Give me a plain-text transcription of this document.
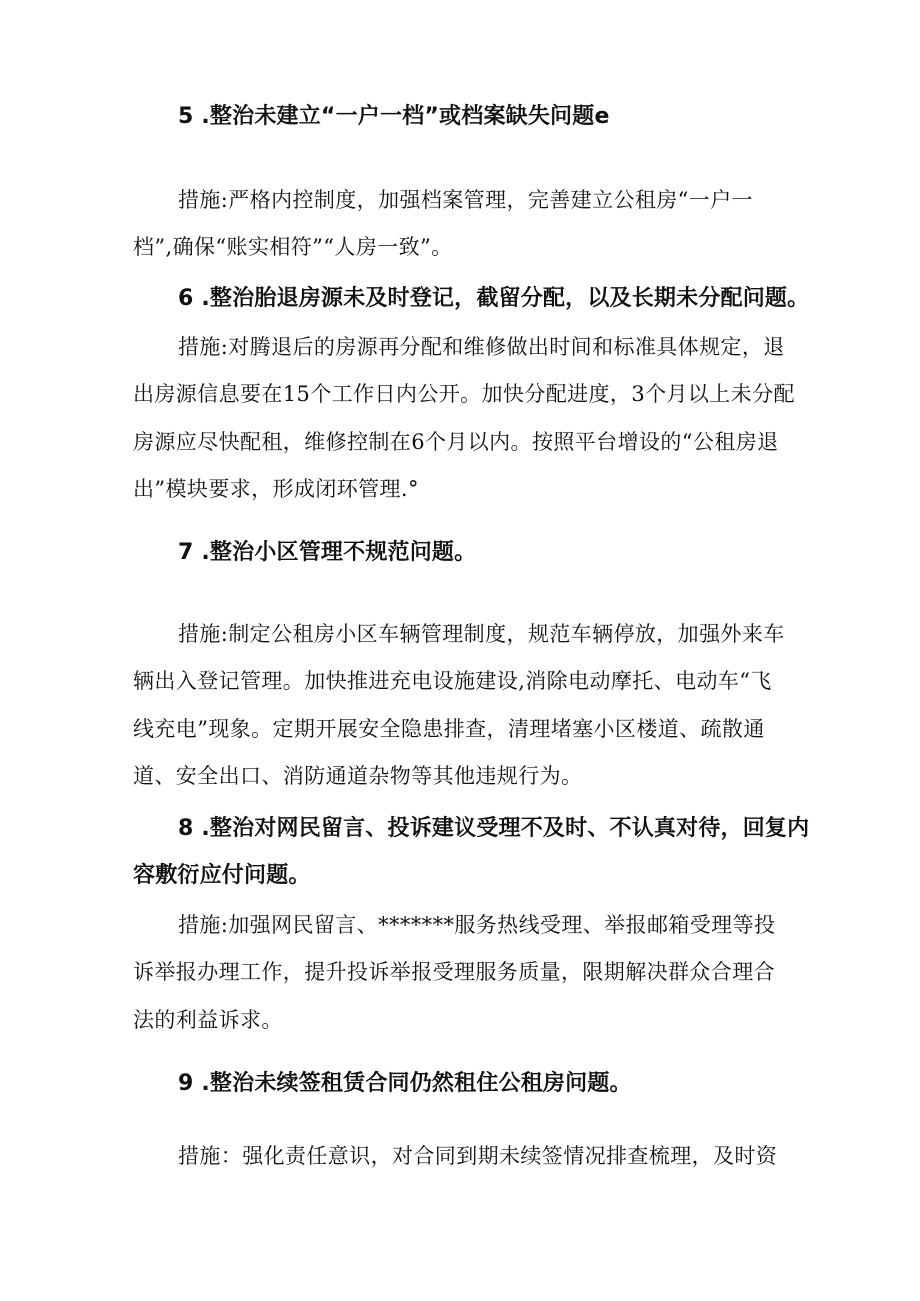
5 .整治未建立“一户一档”或档案缺失问题e
措施:严格内控制度，加强档案管理，完善建立公租房“一户一
档”,确保“账实相符”“人房一致”。
6 .整治胎退房源未及时登记，截留分配，以及长期未分配问题。
措施:对腾退后的房源再分配和维修做出时间和标准具体规定，退
出房源信息要在15个工作日内公开。加快分配进度，3个月以上未分配
房源应尽快配租，维修控制在6个月以内。按照平台增设的“公租房退
出”模块要求，形成闭环管理.°
7 .整治小区管理不规范问题。
措施:制定公租房小区车辆管理制度，规范车辆停放，加强外来车
辆出入登记管理。加快推进充电设施建设,消除电动摩托、电动车“飞
线充电”现象。定期开展安全隐患排查，清理堵塞小区楼道、疏散通
道、安全出口、消防通道杂物等其他违规行为。
8 .整治对网民留言、投诉建议受理不及时、不认真对待，回复内
容敷衍应付问题。
措施:加强网民留言、*******服务热线受理、举报邮箱受理等投
诉举报办理工作，提升投诉举报受理服务质量，限期解决群众合理合
法的利益诉求。
9 .整治未续签租赁合同仍然租住公租房问题。
措施：强化责任意识，对合同到期未续签情况排查梳理，及时资
